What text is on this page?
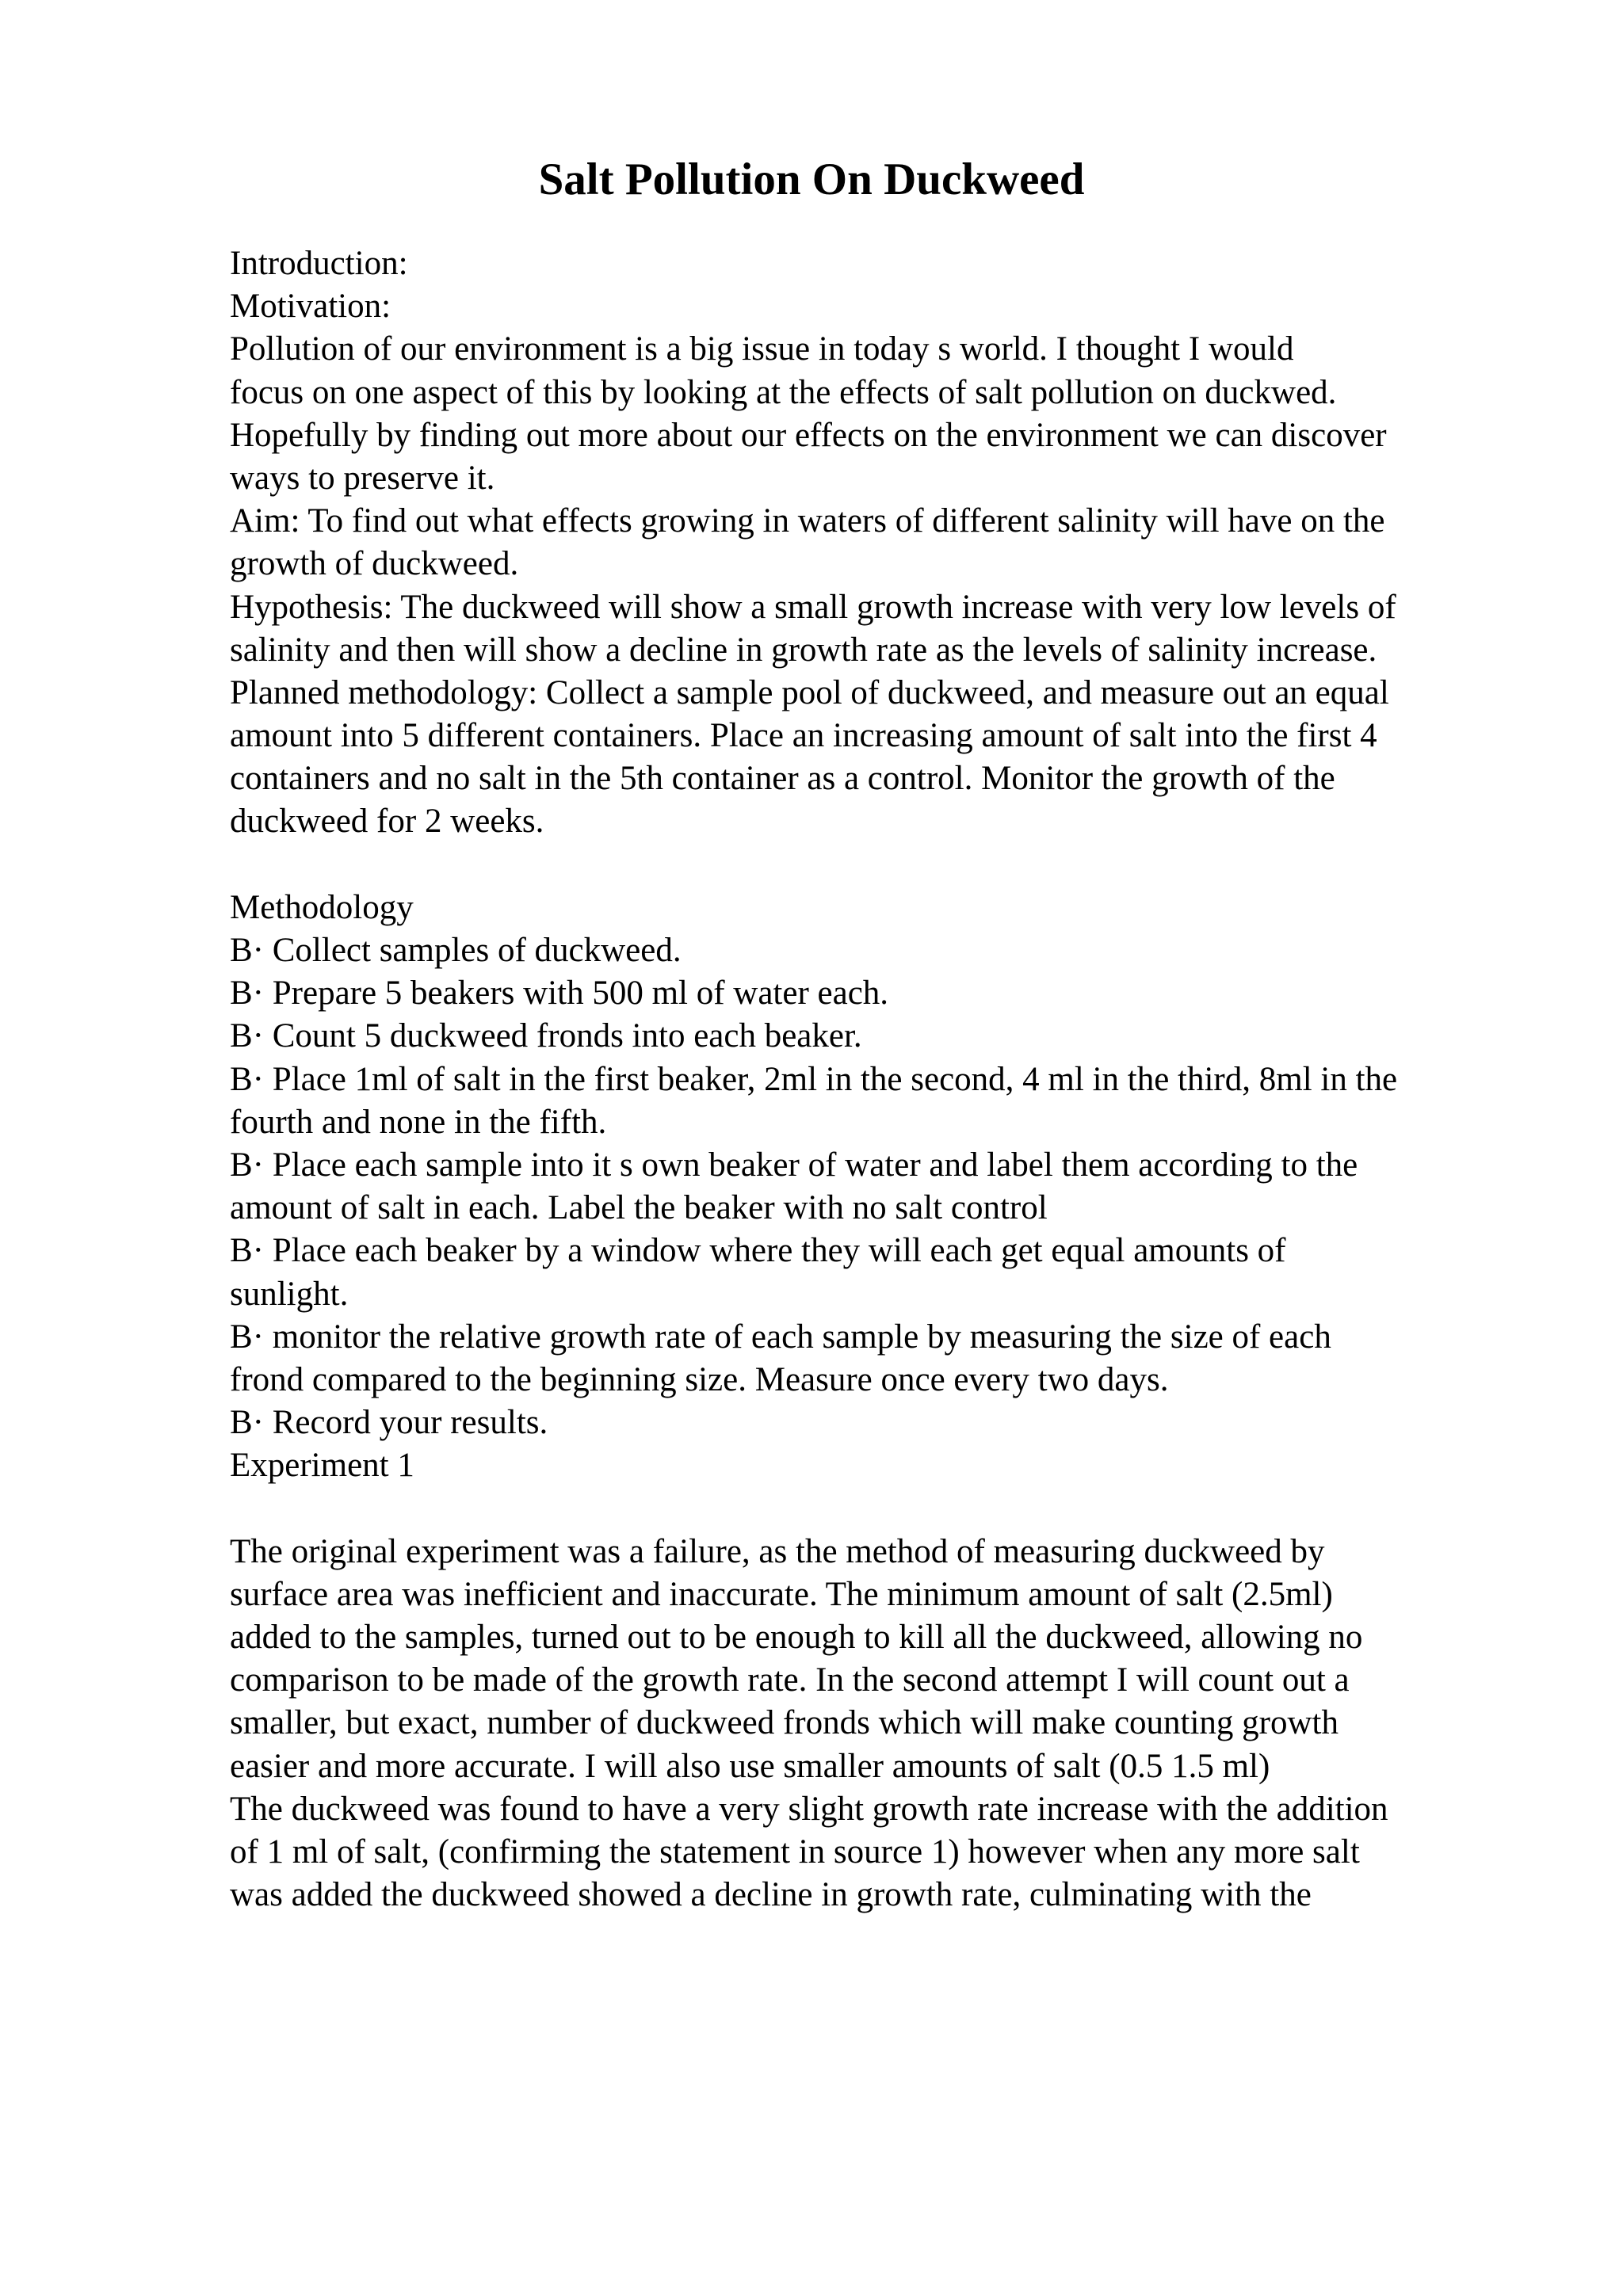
Salt Pollution On Duckweed
Introduction:
Motivation:
Pollution of our environment is a big issue in today s world. I thought I would
focus on one aspect of this by looking at the effects of salt pollution on duckwed.
Hopefully by finding out more about our effects on the environment we can discover
ways to preserve it.
Aim: To find out what effects growing in waters of different salinity will have on the
growth of duckweed.
Hypothesis: The duckweed will show a small growth increase with very low levels of
salinity and then will show a decline in growth rate as the levels of salinity increase.
Planned methodology: Collect a sample pool of duckweed, and measure out an equal
amount into 5 different containers. Place an increasing amount of salt into the first 4
containers and no salt in the 5th container as a control. Monitor the growth of the
duckweed for 2 weeks.
Methodology
B· Collect samples of duckweed.
B· Prepare 5 beakers with 500 ml of water each.
B· Count 5 duckweed fronds into each beaker.
B· Place 1ml of salt in the first beaker, 2ml in the second, 4 ml in the third, 8ml in the
fourth and none in the fifth.
B· Place each sample into it s own beaker of water and label them according to the
amount of salt in each. Label the beaker with no salt control
B· Place each beaker by a window where they will each get equal amounts of
sunlight.
B· monitor the relative growth rate of each sample by measuring the size of each
frond compared to the beginning size. Measure once every two days.
B· Record your results.
Experiment 1
The original experiment was a failure, as the method of measuring duckweed by
surface area was inefficient and inaccurate. The minimum amount of salt (2.5ml)
added to the samples, turned out to be enough to kill all the duckweed, allowing no
comparison to be made of the growth rate. In the second attempt I will count out a
smaller, but exact, number of duckweed fronds which will make counting growth
easier and more accurate. I will also use smaller amounts of salt (0.5 1.5 ml)
The duckweed was found to have a very slight growth rate increase with the addition
of 1 ml of salt, (confirming the statement in source 1) however when any more salt
was added the duckweed showed a decline in growth rate, culminating with the
